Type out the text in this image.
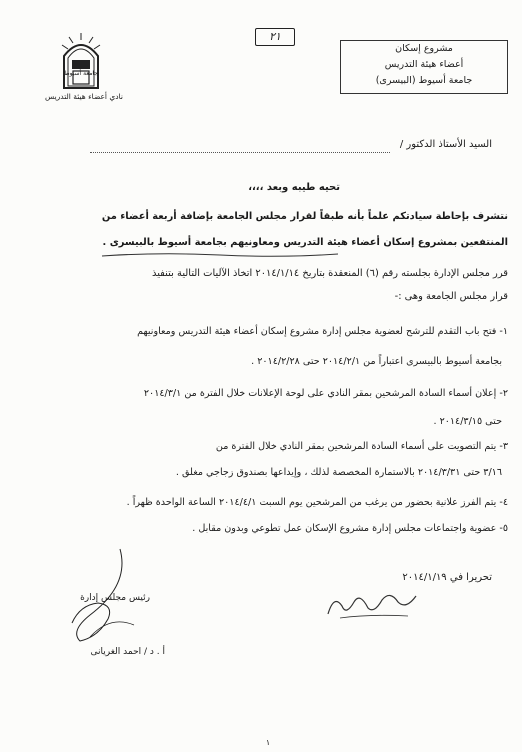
٢١
مشروع إسكان
أعضاء هيئة التدريس
جامعة أسيوط (البيسرى)
جامعة أسيوط
نادي أعضاء هيئة التدريس
السيد الأستاذ الدكتور /
تحيه طيبه وبعد ،،،،
نتشرف بإحاطة سيادتكم علماً بأنه طبقاً لقرار مجلس الجامعة بإضافة أربعة أعضاء من
المنتفعين بمشروع إسكان أعضاء هيئة التدريس ومعاونيهم بجامعة أسيوط بالبيسرى .
قرر مجلس الإدارة بجلسته رقم (٦) المنعقدة بتاريخ ٢٠١٤/١/١٤ اتخاذ الآليات التالية بتنفيذ
قرار مجلس الجامعة وهى :-
١- فتح باب التقدم للترشح لعضوية مجلس إدارة مشروع إسكان أعضاء هيئة التدريس ومعاونيهم
بجامعة أسيوط بالبيسرى اعتباراً من ٢٠١٤/٢/١ حتى ٢٠١٤/٢/٢٨ .
٢- إعلان أسماء السادة المرشحين بمقر النادي على لوحة الإعلانات خلال الفترة من ٢٠١٤/٣/١
حتى ٢٠١٤/٣/١٥ .
٣- يتم التصويت على أسماء السادة المرشحين بمقر النادي خلال الفترة من
٣/١٦ حتى ٢٠١٤/٣/٣١ بالاستمارة المخصصة لذلك ، وإيداعها بصندوق زجاجي مغلق .
٤- يتم الفرز علانية بحضور من يرغب من المرشحين يوم السبت ٢٠١٤/٤/١ الساعة الواحدة ظهراً .
٥- عضوية واجتماعات مجلس إدارة مشروع الإسكان عمل تطوعي وبدون مقابل .
تحريرا في ٢٠١٤/١/١٩
رئيس مجلس إدارة
أ . د / احمد الغريانى
١
